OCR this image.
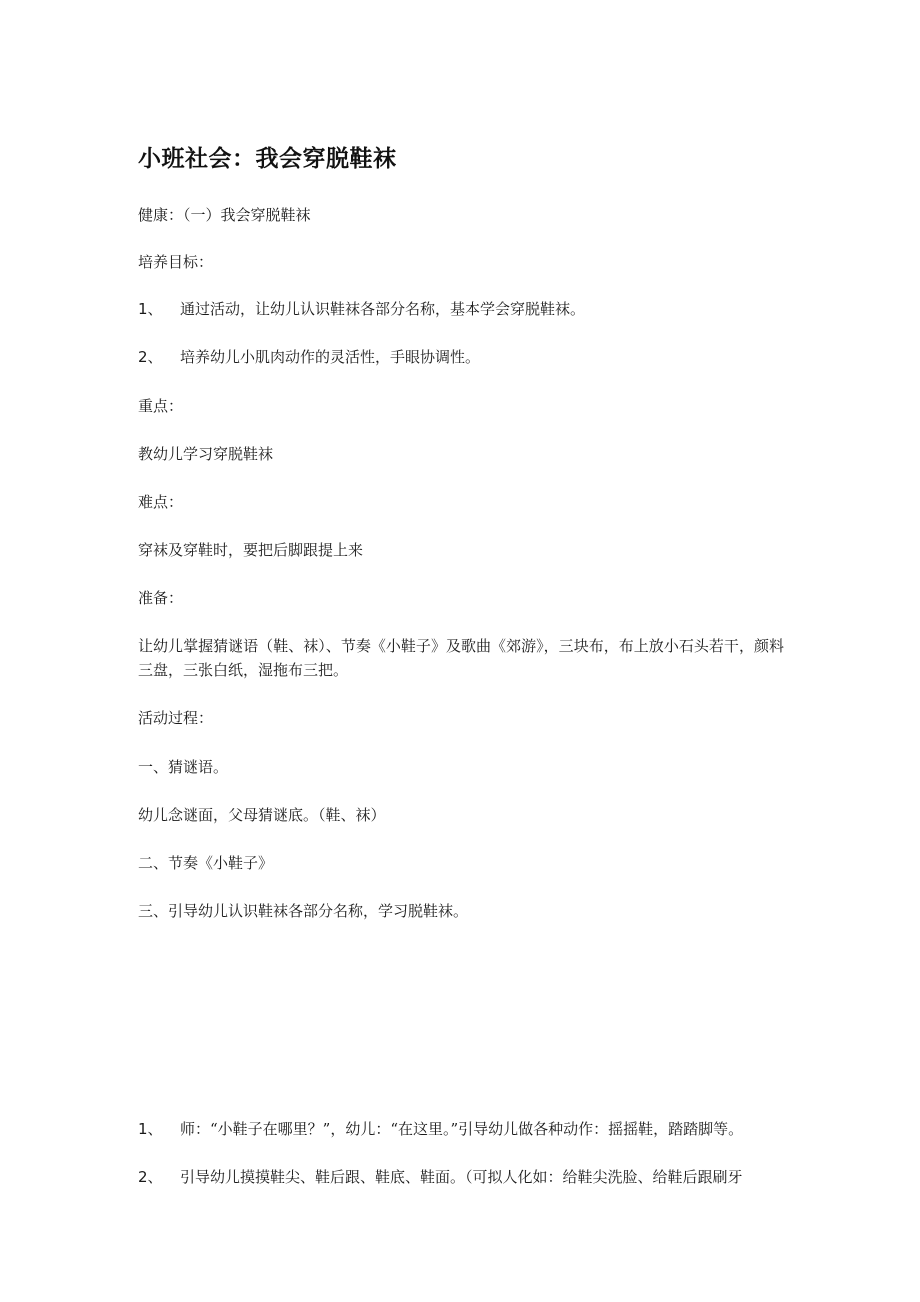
小班社会：我会穿脱鞋袜
健康：（一）我会穿脱鞋袜
培养目标：
1、 通过活动，让幼儿认识鞋袜各部分名称，基本学会穿脱鞋袜。
2、 培养幼儿小肌肉动作的灵活性，手眼协调性。
重点：
教幼儿学习穿脱鞋袜
难点：
穿袜及穿鞋时，要把后脚跟提上来
准备：
让幼儿掌握猜谜语（鞋、袜）、节奏《小鞋子》及歌曲《郊游》，三块布，布上放小石头若干，颜料三盘，三张白纸，湿拖布三把。
活动过程：
一、猜谜语。
幼儿念谜面，父母猜谜底。（鞋、袜）
二、节奏《小鞋子》
三、引导幼儿认识鞋袜各部分名称，学习脱鞋袜。
1、 师：“小鞋子在哪里？”，幼儿：“在这里。”引导幼儿做各种动作：摇摇鞋，踏踏脚等。
2、 引导幼儿摸摸鞋尖、鞋后跟、鞋底、鞋面。（可拟人化如：给鞋尖洗脸、给鞋后跟刷牙
